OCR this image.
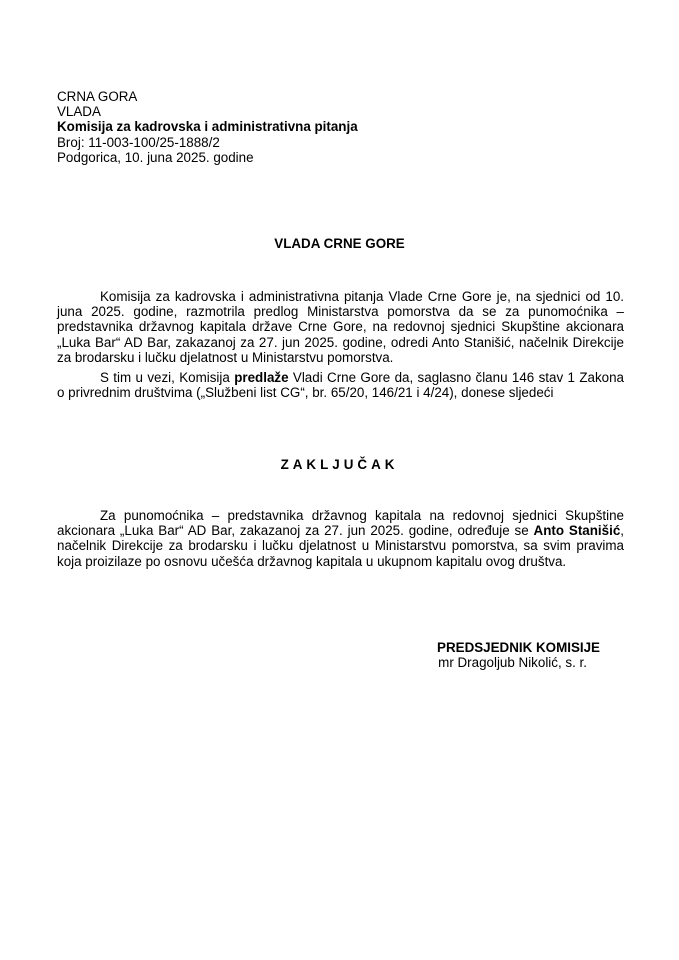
CRNA GORA
VLADA
Komisija za kadrovska i administrativna pitanja
Broj: 11-003-100/25-1888/2
Podgorica, 10. juna 2025. godine
VLADA CRNE GORE

Komisija za kadrovska i administrativna pitanja Vlade Crne Gore je, na sjednici od 10. juna 2025. godine, razmotrila predlog Ministarstva pomorstva da se za punomoćnika – predstavnika državnog kapitala države Crne Gore, na redovnoj sjednici Skupštine akcionara „Luka Bar“ AD Bar, zakazanoj za 27. jun 2025. godine, odredi Anto Stanišić, načelnik Direkcije za brodarsku i lučku djelatnost u Ministarstvu pomorstva.

S tim u vezi, Komisija predlaže Vladi Crne Gore da, saglasno članu 146 stav 1 Zakona o privrednim društvima („Službeni list CG“, br. 65/20, 146/21 i 4/24), donese sljedeći

ZAKLJUČAK

Za punomoćnika – predstavnika državnog kapitala na redovnoj sjednici Skupštine akcionara „Luka Bar“ AD Bar, zakazanoj za 27. jun 2025. godine, određuje se Anto Stanišić, načelnik Direkcije za brodarsku i lučku djelatnost u Ministarstvu pomorstva, sa svim pravima koja proizilaze po osnovu učešća državnog kapitala u ukupnom kapitalu ovog društva.

PREDSJEDNIK KOMISIJE
mr Dragoljub Nikolić, s. r.
